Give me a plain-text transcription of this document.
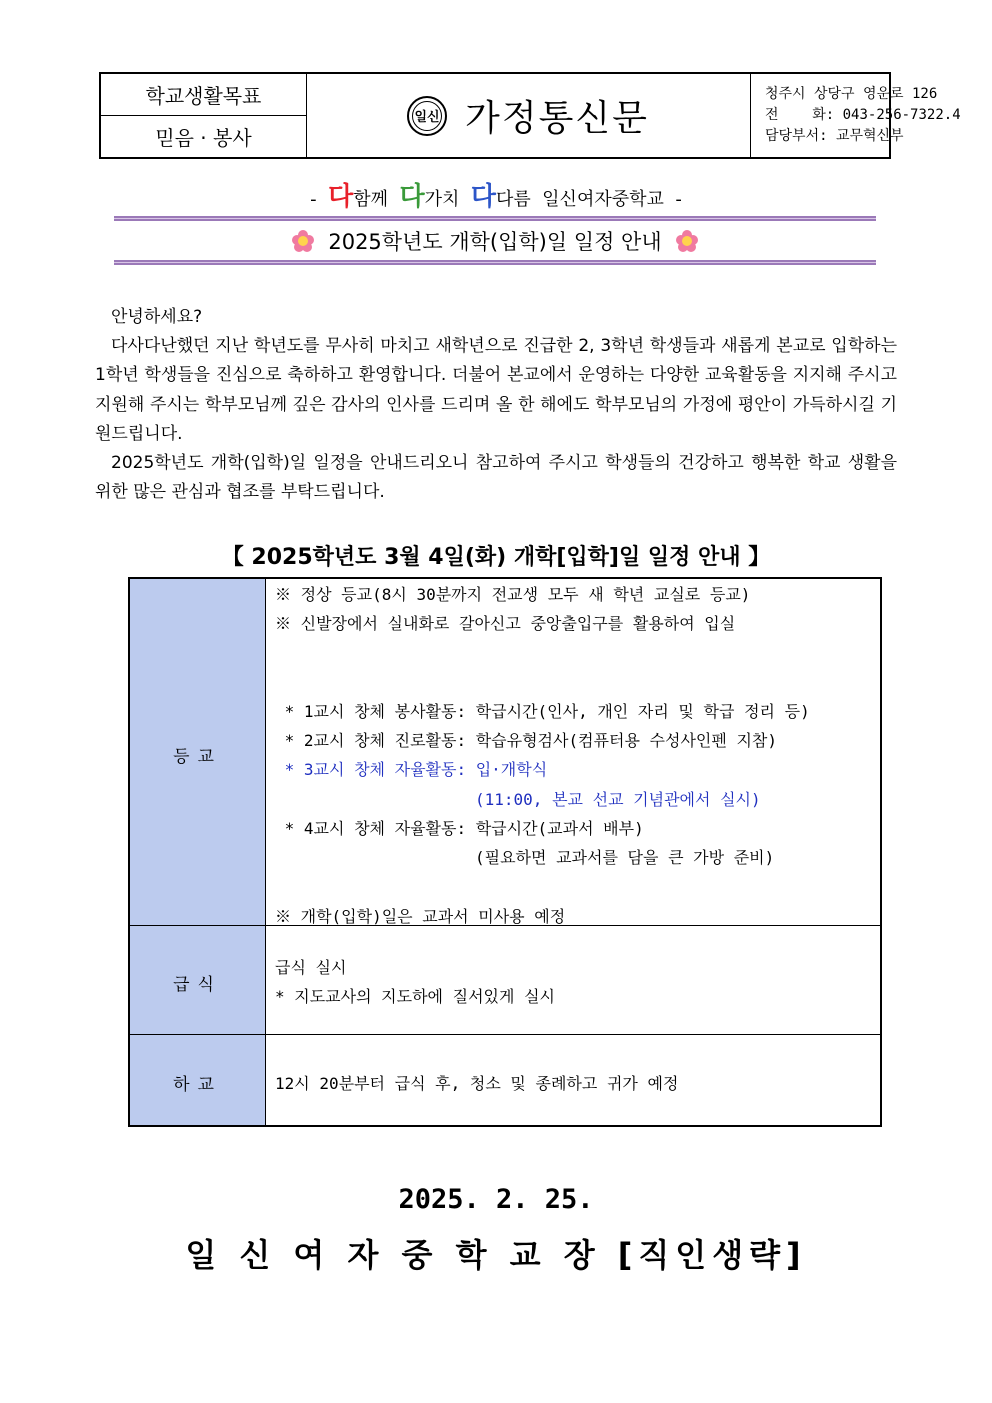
학교생활목표
믿음 · 봉사
일신 가정통신문
청주시 상당구 영운로 126
전    화: 043-256-7322.4
담당부서: 교무혁신부
- 다함께 다가치 다다름 일신여자중학교 -
2025학년도 개학(입학)일 일정 안내

안녕하세요?

다사다난했던 지난 학년도를 무사히 마치고 새학년으로 진급한 2, 3학년 학생들과 새롭게 본교로 입학하는 1학년 학생들을 진심으로 축하하고 환영합니다. 더불어 본교에서 운영하는 다양한 교육활동을 지지해 주시고 지원해 주시는 학부모님께 깊은 감사의 인사를 드리며 올 한 해에도 학부모님의 가정에 평안이 가득하시길 기원드립니다.

2025학년도 개학(입학)일 일정을 안내드리오니 참고하여 주시고 학생들의 건강하고 행복한 학교 생활을 위한 많은 관심과 협조를 부탁드립니다.

【 2025학년도 3월 4일(화) 개학[입학]일 일정 안내 】
등교
급식
하교
※ 정상 등교(8시 30분까지 전교생 모두 새 학년 교실로 등교)
※ 신발장에서 실내화로 갈아신고 중앙출입구를 활용하여 입실
* 1교시 창체 봉사활동: 학급시간(인사, 개인 자리 및 학급 정리 등)
* 2교시 창체 진로활동: 학습유형검사(컴퓨터용 수성사인펜 지참)
* 3교시 창체 자율활동: 입·개학식
(11:00, 본교 선교 기념관에서 실시)
* 4교시 창체 자율활동: 학급시간(교과서 배부)
(필요하면 교과서를 담을 큰 가방 준비)
※ 개학(입학)일은 교과서 미사용 예정
급식 실시
* 지도교사의 지도하에 질서있게 실시
12시 20분부터 급식 후, 청소 및 종례하고 귀가 예정
2025. 2. 25.
일 신 여 자 중 학 교 장 [직인생략]
